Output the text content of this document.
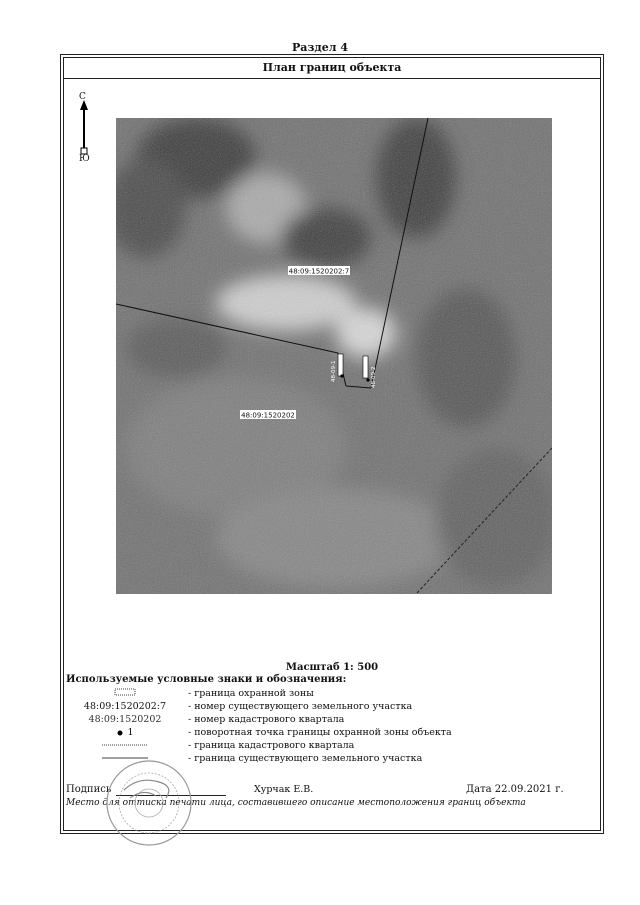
Раздел 4
План границ объекта
С
Ю
48:09:1520202:7
48:09:1520202
48-09-1	48-09-2
Масштаб 1: 500
Используемые условные знаки и обозначения:
- граница охранной зоны
48:09:1520202:7	- номер существующего земельного участка
48:09:1520202	- номер кадастрового квартала
1	- поворотная точка границы охранной зоны объекта
- граница кадастрового квартала
- граница существующего земельного участка
Подпись	Хурчак Е.В.	Дата 22.09.2021 г.
Место для оттиска печати лица, составившего описание местоположения границ объекта
